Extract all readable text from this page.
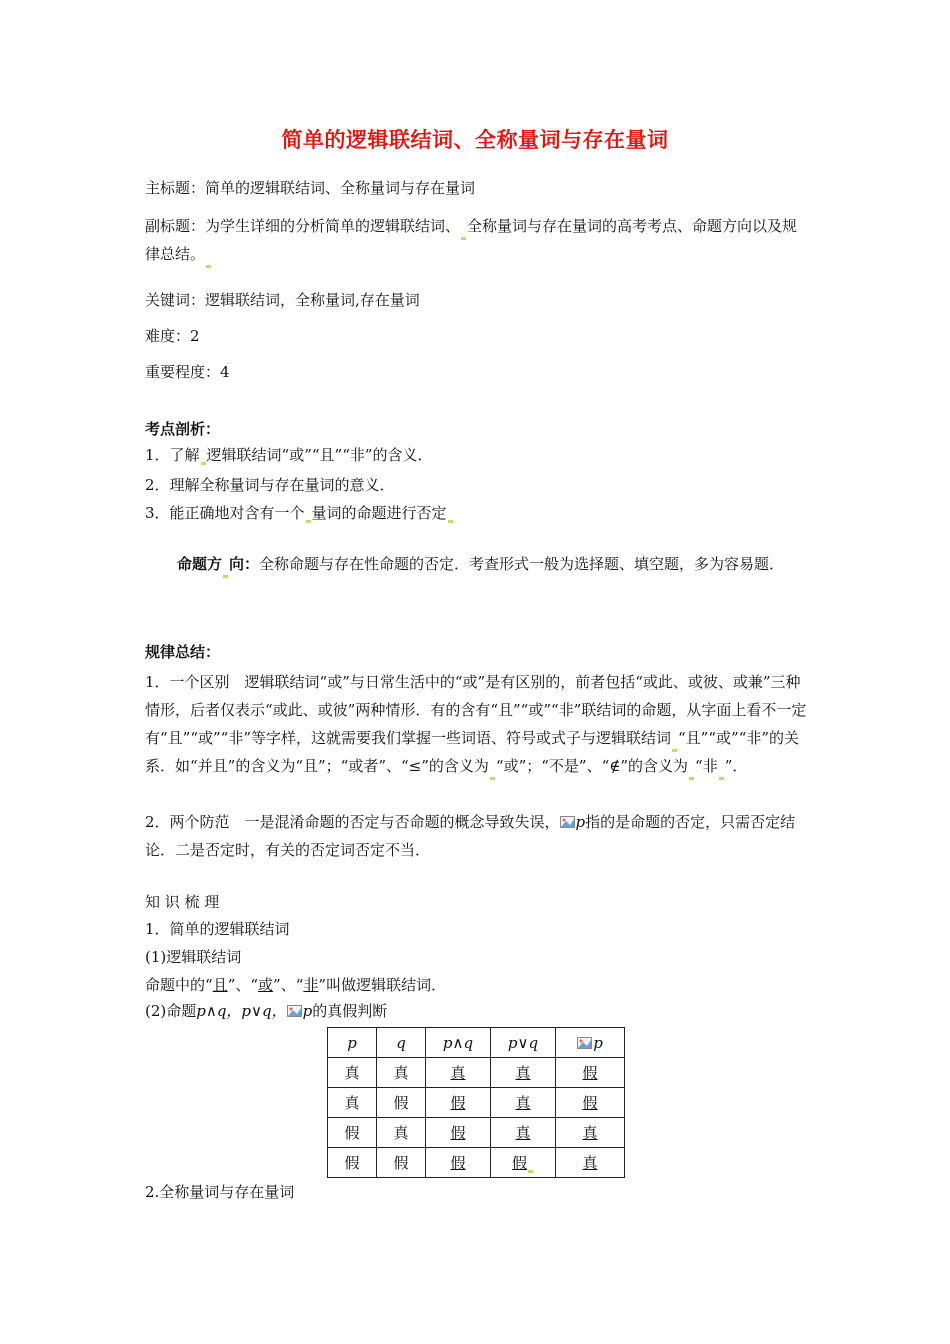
简单的逻辑联结词、全称量词与存在量词
主标题：简单的逻辑联结词、全称量词与存在量词
副标题：为学生详细的分析简单的逻辑联结词、 全称量词与存在量词的高考考点、命题方向以及规律总结。
关键词：逻辑联结词，全称量词,存在量词
难度：2
重要程度：4
考点剖析：
1．了解 逻辑联结词“或”“且”“非”的含义．
2．理解全称量词与存在量词的意义．
3．能正确地对含有一个 量词的命题进行否定
命题方 向：全称命题与存在性命题的否定．考查形式一般为选择题、填空题，多为容易题．
规律总结：
1．一个区别　逻辑联结词“或”与日常生活中的“或”是有区别的，前者包括“或此、或彼、或兼”三种情形，后者仅表示“或此、或彼”两种情形．有的含有“且”“或”“非”联结词的命题，从字面上看不一定有“且”“或”“非”等字样，这就需要我们掌握一些词语、符号或式子与逻辑联结词 “且”“或”“非”的关系．如“并且”的含义为“且”；“或者”、“≤”的含义为 “或”；“不是”、“∉”的含义为 “非 ”．
2．两个防范　一是混淆命题的否定与否命题的概念导致失误， p指的是命题的否定，只需否定结论．二是否定时，有关的否定词否定不当．
知 识 梳 理
1．简单的逻辑联结词
(1)逻辑联结词
命题中的“且”、“或”、“非”叫做逻辑联结词．
(2)命题p∧q，p∨q， p的真假判断
p	q	p∧q	p∨q	p
真	真	真	真	假
真	假	假	真	假
假	真	假	真	真
假	假	假	假	真
2.全称量词与存在量词
